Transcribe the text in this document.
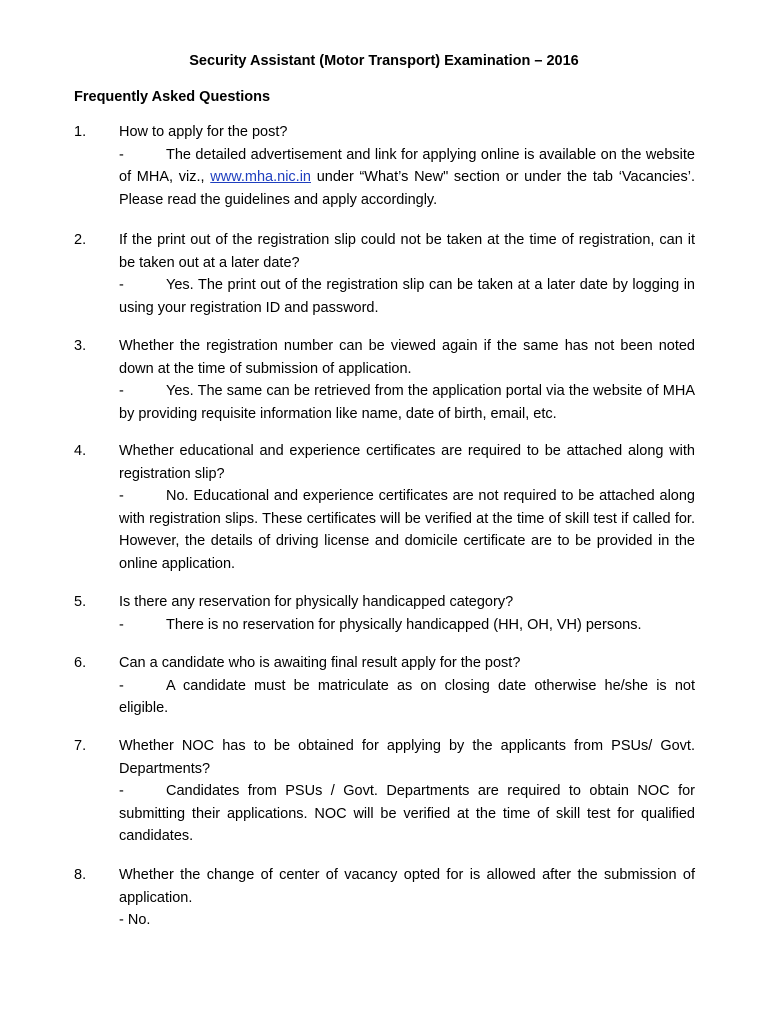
Security Assistant (Motor Transport) Examination – 2016
Frequently Asked Questions
1. How to apply for the post?
-	The detailed advertisement and link for applying online is available on the website of MHA, viz., www.mha.nic.in under “What’s New" section or under the tab ‘Vacancies’. Please read the guidelines and apply accordingly.
2. If the print out of the registration slip could not be taken at the time of registration, can it be taken out at a later date?
-	Yes. The print out of the registration slip can be taken at a later date by logging in using your registration ID and password.
3. Whether the registration number can be viewed again if the same has not been noted down at the time of submission of application.
-	Yes. The same can be retrieved from the application portal via the website of MHA by providing requisite information like name, date of birth, email, etc.
4. Whether educational and experience certificates are required to be attached along with registration slip?
-	No. Educational and experience certificates are not required to be attached along with registration slips. These certificates will be verified at the time of skill test if called for. However, the details of driving license and domicile certificate are to be provided in the online application.
5. Is there any reservation for physically handicapped category?
-	There is no reservation for physically handicapped (HH, OH, VH) persons.
6. Can a candidate who is awaiting final result apply for the post?
-	A candidate must be matriculate as on closing date otherwise he/she is not eligible.
7. Whether NOC has to be obtained for applying by the applicants from PSUs/ Govt. Departments?
-	Candidates from PSUs / Govt. Departments are required to obtain NOC for submitting their applications. NOC will be verified at the time of skill test for qualified candidates.
8. Whether the change of center of vacancy opted for is allowed after the submission of application.
- No.
